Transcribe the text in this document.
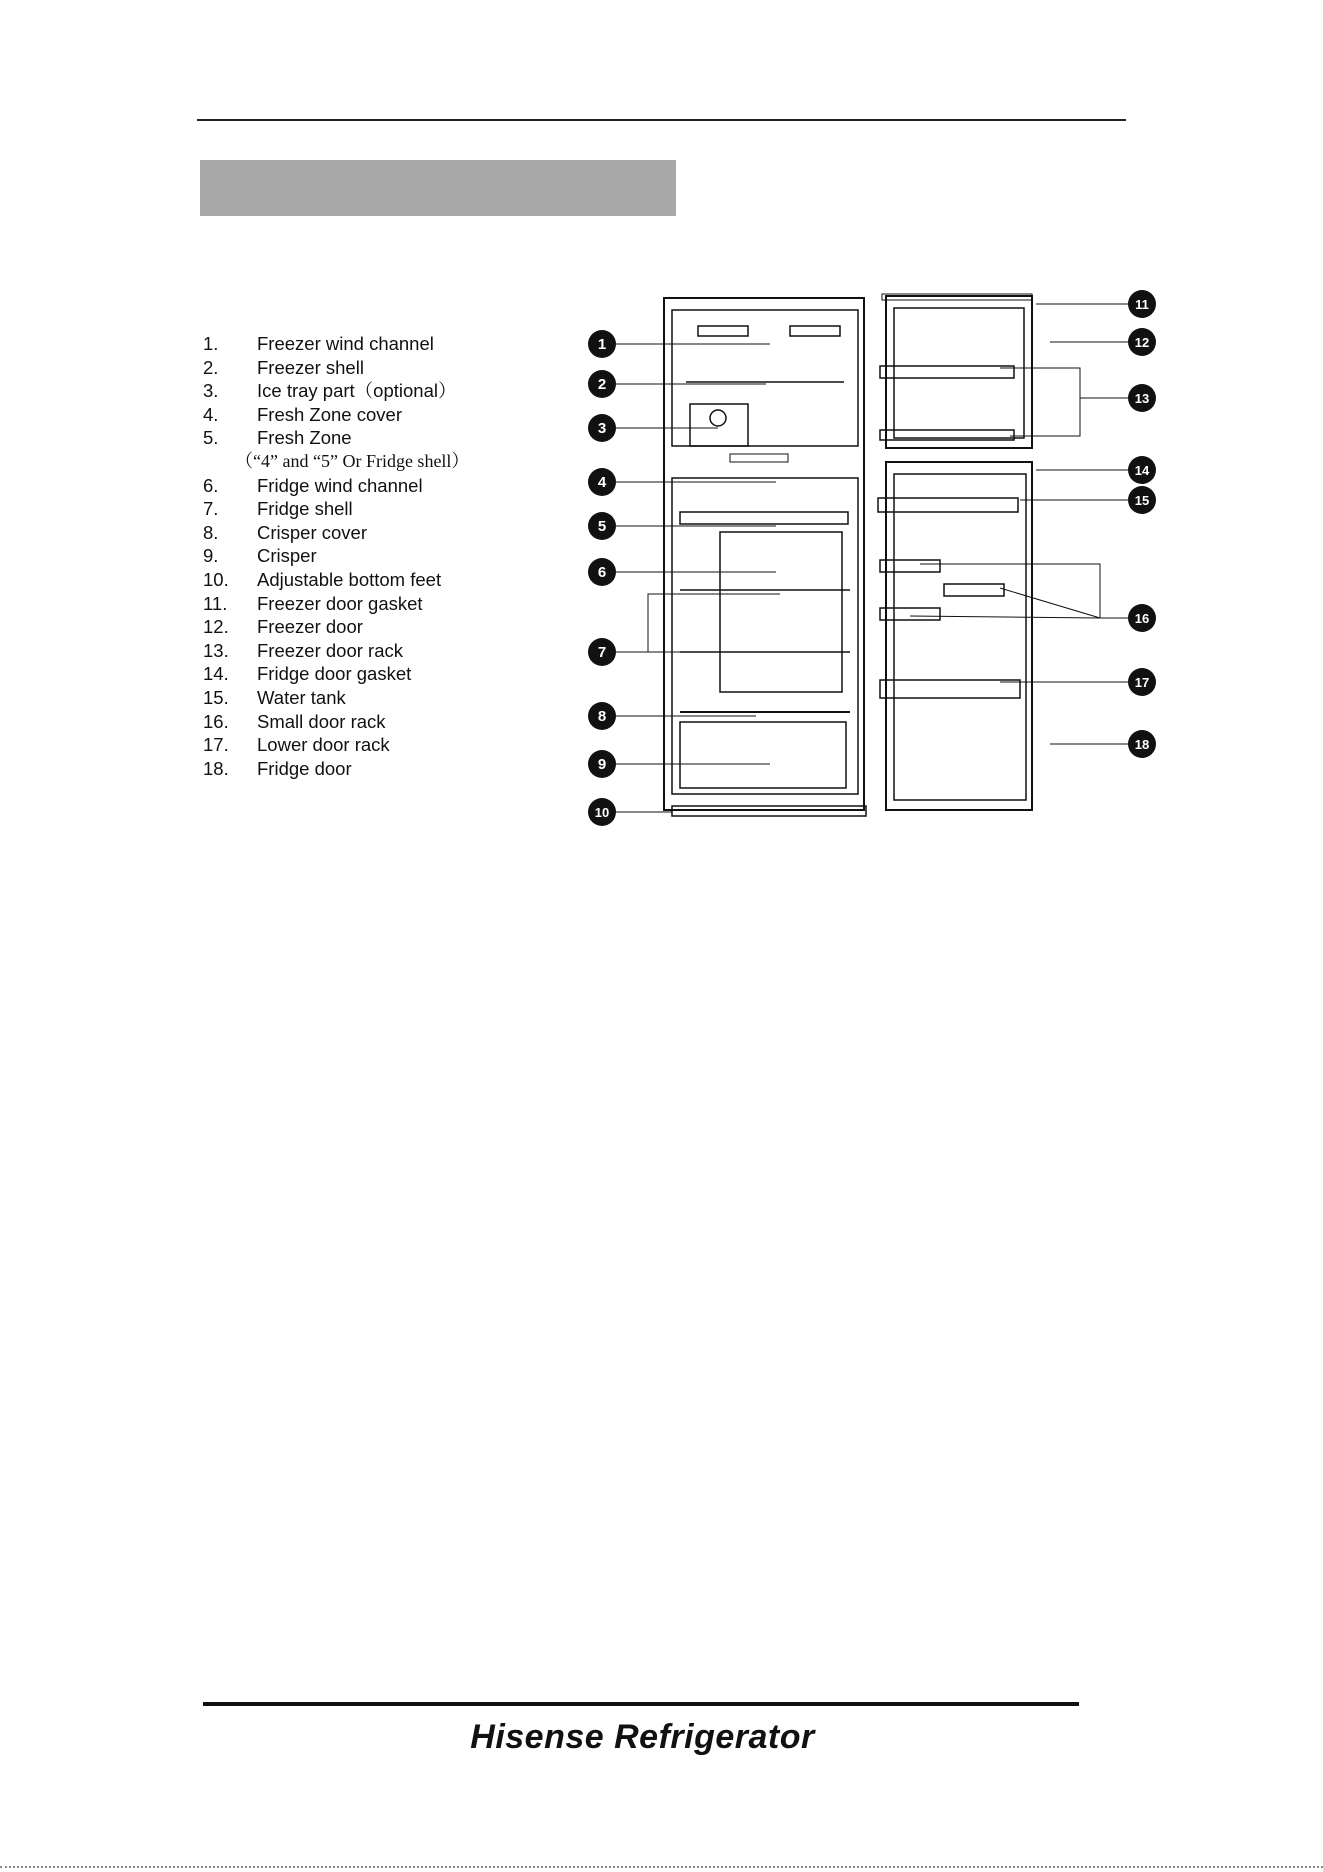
1.	Freezer wind channel
2.	Freezer shell
3.	Ice tray part（optional）
4.	Fresh Zone cover
5.	Fresh Zone
（“4” and “5” Or Fridge shell）
6.	Fridge wind channel
7.	Fridge shell
8.	Crisper cover
9.	Crisper
10.	Adjustable bottom feet
11.	Freezer door gasket
12.	Freezer door
13.	Freezer door rack
14.	Fridge door gasket
15.	Water tank
16.	Small door rack
17.	Lower door rack
18.	Fridge door
1
2
3
4
5
6
7
8
9
10
11
12
13
14
15
16
17
18
Hisense Refrigerator
